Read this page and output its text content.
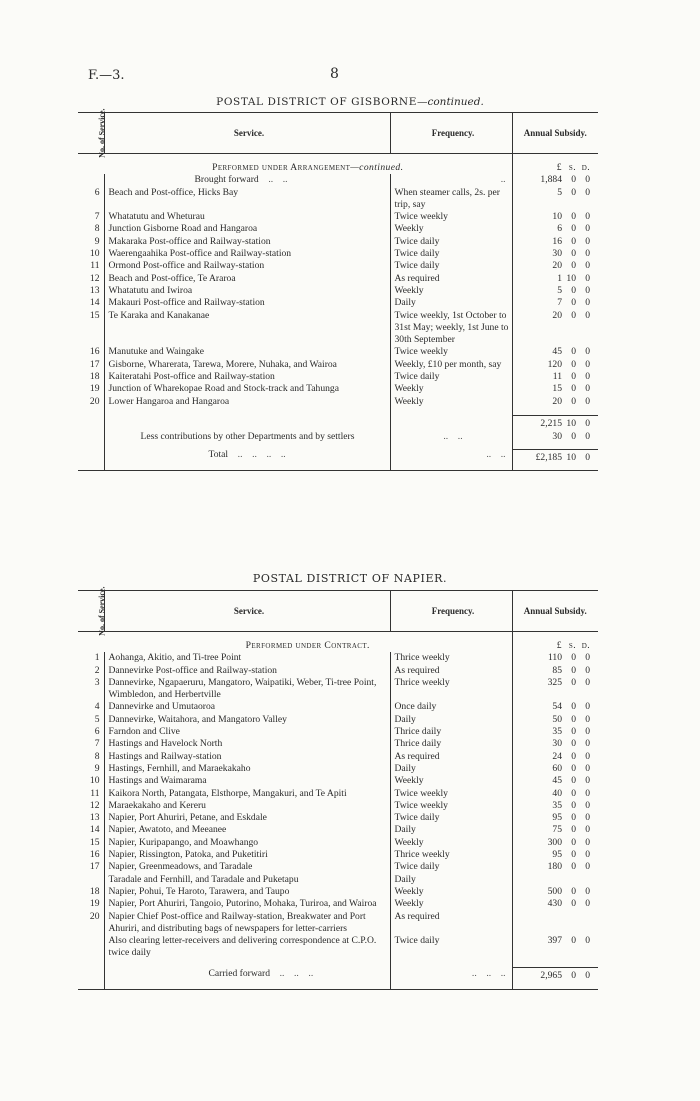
F.—3.	8
POSTAL DISTRICT OF GISBORNE—continued.
No. of Service.	Service.	Frequency.	Annual Subsidy.
	Performed under Arrangement—continued.		£ s. d.
	Brought forward    ..    ..	..	1,884 0 0
6	Beach and Post-office, Hicks Bay	When steamer calls, 2s. per trip, say	5 0 0
7	Whatatutu and Wheturau	Twice weekly	10 0 0
8	Junction Gisborne Road and Hangaroa	Weekly	6 0 0
9	Makaraka Post-office and Railway-station	Twice daily	16 0 0
10	Waerengaahika Post-office and Railway-station	Twice daily	30 0 0
11	Ormond Post-office and Railway-station	Twice daily	20 0 0
12	Beach and Post-office, Te Araroa	As required	1 10 0
13	Whatatutu and Iwiroa	Weekly	5 0 0
14	Makauri Post-office and Railway-station	Daily	7 0 0
15	Te Karaka and Kanakanae	Twice weekly, 1st October to 31st May; weekly, 1st June to 30th September	20 0 0
16	Manutuke and Waingake	Twice weekly	45 0 0
17	Gisborne, Wharerata, Tarewa, Morere, Nuhaka, and Wairoa	Weekly, £10 per month, say	120 0 0
18	Kaiteratahi Post-office and Railway-station	Twice daily	11 0 0
19	Junction of Wharekopae Road and Stock-track and Tahunga	Weekly	15 0 0
20	Lower Hangaroa and Hangaroa	Weekly	20 0 0

			2,215 10 0
	Less contributions by other Departments and by settlers	..    ..	30 0 0

	Total    ..    ..    ..    ..	..    ..	£2,185 10 0
POSTAL DISTRICT OF NAPIER.
No. of Service.	Service.	Frequency.	Annual Subsidy.
	Performed under Contract.		£ s. d.
1	Aohanga, Akitio, and Ti-tree Point	Thrice weekly	110 0 0
2	Dannevirke Post-office and Railway-station	As required	85 0 0
3	Dannevirke, Ngapaeruru, Mangatoro, Waipatiki, Weber, Ti-tree Point, Wimbledon, and Herbertville	Thrice weekly	325 0 0
4	Dannevirke and Umutaoroa	Once daily	54 0 0
5	Dannevirke, Waitahora, and Mangatoro Valley	Daily	50 0 0
6	Farndon and Clive	Thrice daily	35 0 0
7	Hastings and Havelock North	Thrice daily	30 0 0
8	Hastings and Railway-station	As required	24 0 0
9	Hastings, Fernhill, and Maraekakaho	Daily	60 0 0
10	Hastings and Waimarama	Weekly	45 0 0
11	Kaikora North, Patangata, Elsthorpe, Mangakuri, and Te Apiti	Twice weekly	40 0 0
12	Maraekakaho and Kereru	Twice weekly	35 0 0
13	Napier, Port Ahuriri, Petane, and Eskdale	Twice daily	95 0 0
14	Napier, Awatoto, and Meeanee	Daily	75 0 0
15	Napier, Kuripapango, and Moawhango	Weekly	300 0 0
16	Napier, Rissington, Patoka, and Puketitiri	Thrice weekly	95 0 0
17	Napier, Greenmeadows, and Taradale	Twice daily	180 0 0
	Taradale and Fernhill, and Taradale and Puketapu	Daily	
18	Napier, Pohui, Te Haroto, Tarawera, and Taupo	Weekly	500 0 0
19	Napier, Port Ahuriri, Tangoio, Putorino, Mohaka, Turiroa, and Wairoa	Weekly	430 0 0
20	Napier Chief Post-office and Railway-station, Breakwater and Port Ahuriri, and distributing bags of newspapers for letter-carriers	As required	
	Also clearing letter-receivers and delivering correspondence at C.P.O. twice daily	Twice daily	397 0 0

	Carried forward    ..    ..    ..	..    ..    ..	2,965 0 0
